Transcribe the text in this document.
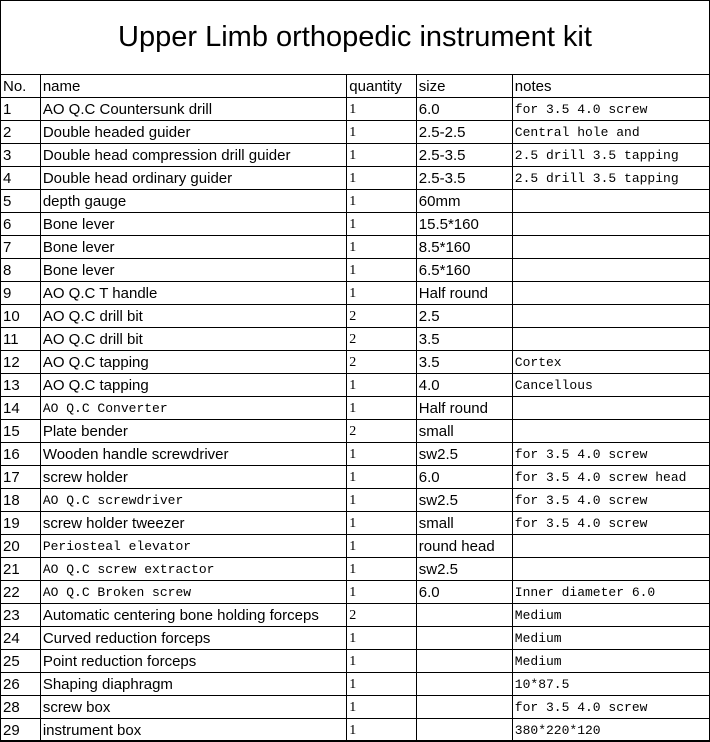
Upper Limb orthopedic instrument kit
No.	name	quantity	size	notes
1	AO Q.C Countersunk drill	1	6.0	for 3.5 4.0 screw
2	Double headed guider	1	2.5-2.5	Central hole and
3	Double head compression drill guider	1	2.5-3.5	2.5 drill 3.5 tapping
4	Double head ordinary guider	1	2.5-3.5	2.5 drill 3.5 tapping
5	depth gauge	1	60mm	
6	Bone lever	1	15.5*160	
7	Bone lever	1	8.5*160	
8	Bone lever	1	6.5*160	
9	AO Q.C T handle	1	Half round	
10	AO Q.C drill bit	2	2.5	
11	AO Q.C drill bit	2	3.5	
12	AO Q.C tapping	2	3.5	Cortex
13	AO Q.C tapping	1	4.0	Cancellous
14	AO Q.C Converter	1	Half round	
15	Plate bender	2	small	
16	Wooden handle screwdriver	1	sw2.5	for 3.5 4.0 screw
17	screw holder	1	6.0	for 3.5 4.0 screw head
18	AO Q.C screwdriver	1	sw2.5	for 3.5 4.0 screw
19	screw holder tweezer	1	small	for 3.5 4.0 screw
20	Periosteal elevator	1	round head	
21	AO Q.C screw extractor	1	sw2.5	
22	AO Q.C Broken screw	1	6.0	Inner diameter 6.0
23	Automatic centering bone holding forceps	2		Medium
24	Curved reduction forceps	1		Medium
25	Point reduction forceps	1		Medium
26	Shaping diaphragm	1		10*87.5
28	screw box	1		for 3.5 4.0 screw
29	instrument box	1		380*220*120
